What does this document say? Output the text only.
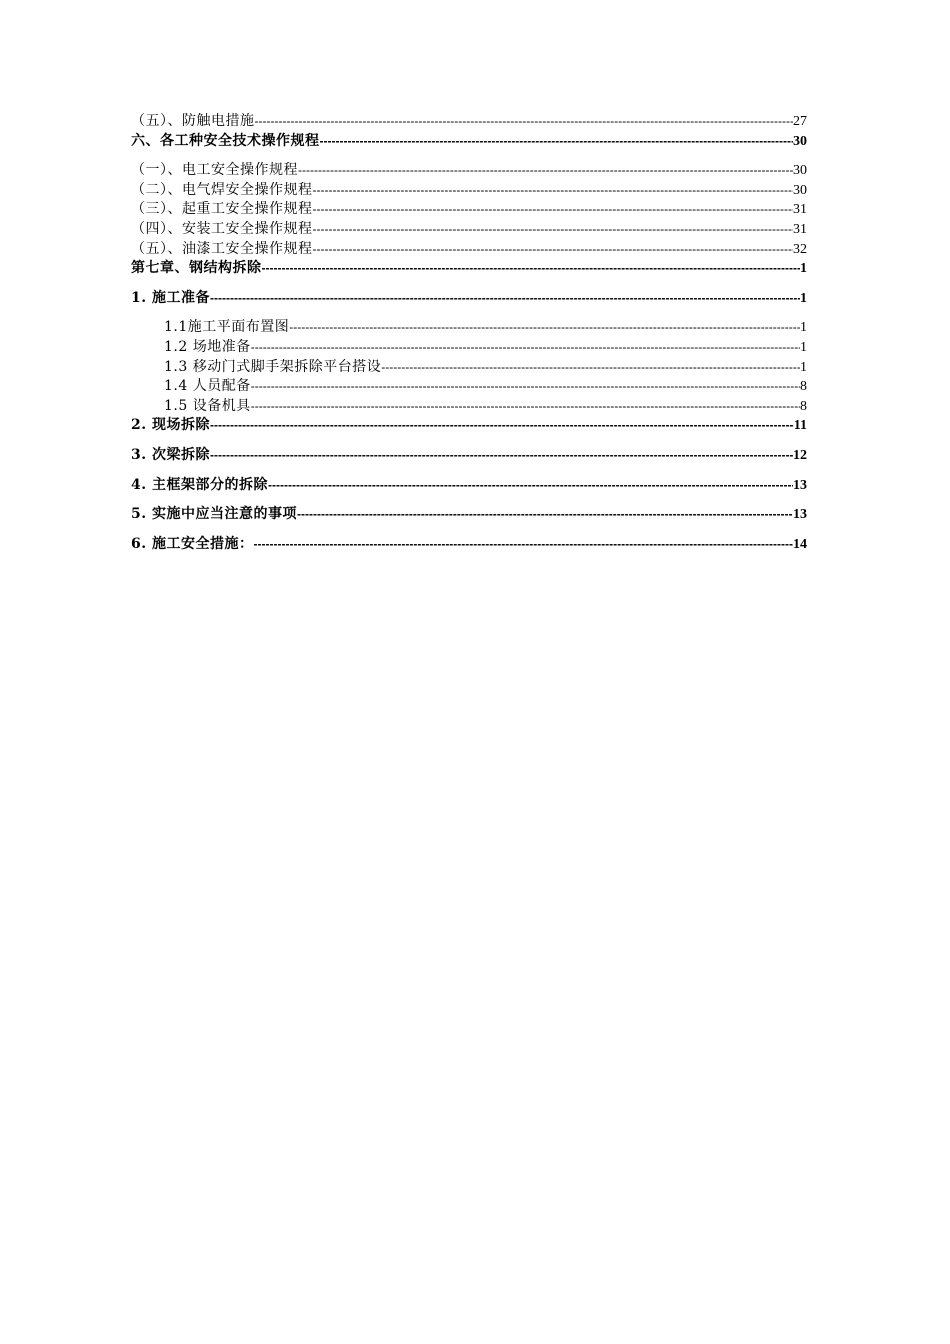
（五）、防触电措施 -----	27
六、各工种安全技术操作规程 -----	30
（一）、电工安全操作规程 -----	30
（二）、电气焊安全操作规程 -----	30
（三）、起重工安全操作规程 -----	31
（四）、安装工安全操作规程 -----	31
（五）、油漆工安全操作规程 -----	32
第七章、钢结构拆除 -----	1
1. 施工准备 -----	1
1.1施工平面布置图 -----	1
1.2 场地准备 -----	1
1.3 移动门式脚手架拆除平台搭设 -----	1
1.4 人员配备 -----	8
1.5 设备机具 -----	8
2. 现场拆除 -----	11
3. 次梁拆除 -----	12
4. 主框架部分的拆除 -----	13
5. 实施中应当注意的事项 -----	13
6. 施工安全措施： -----	14
